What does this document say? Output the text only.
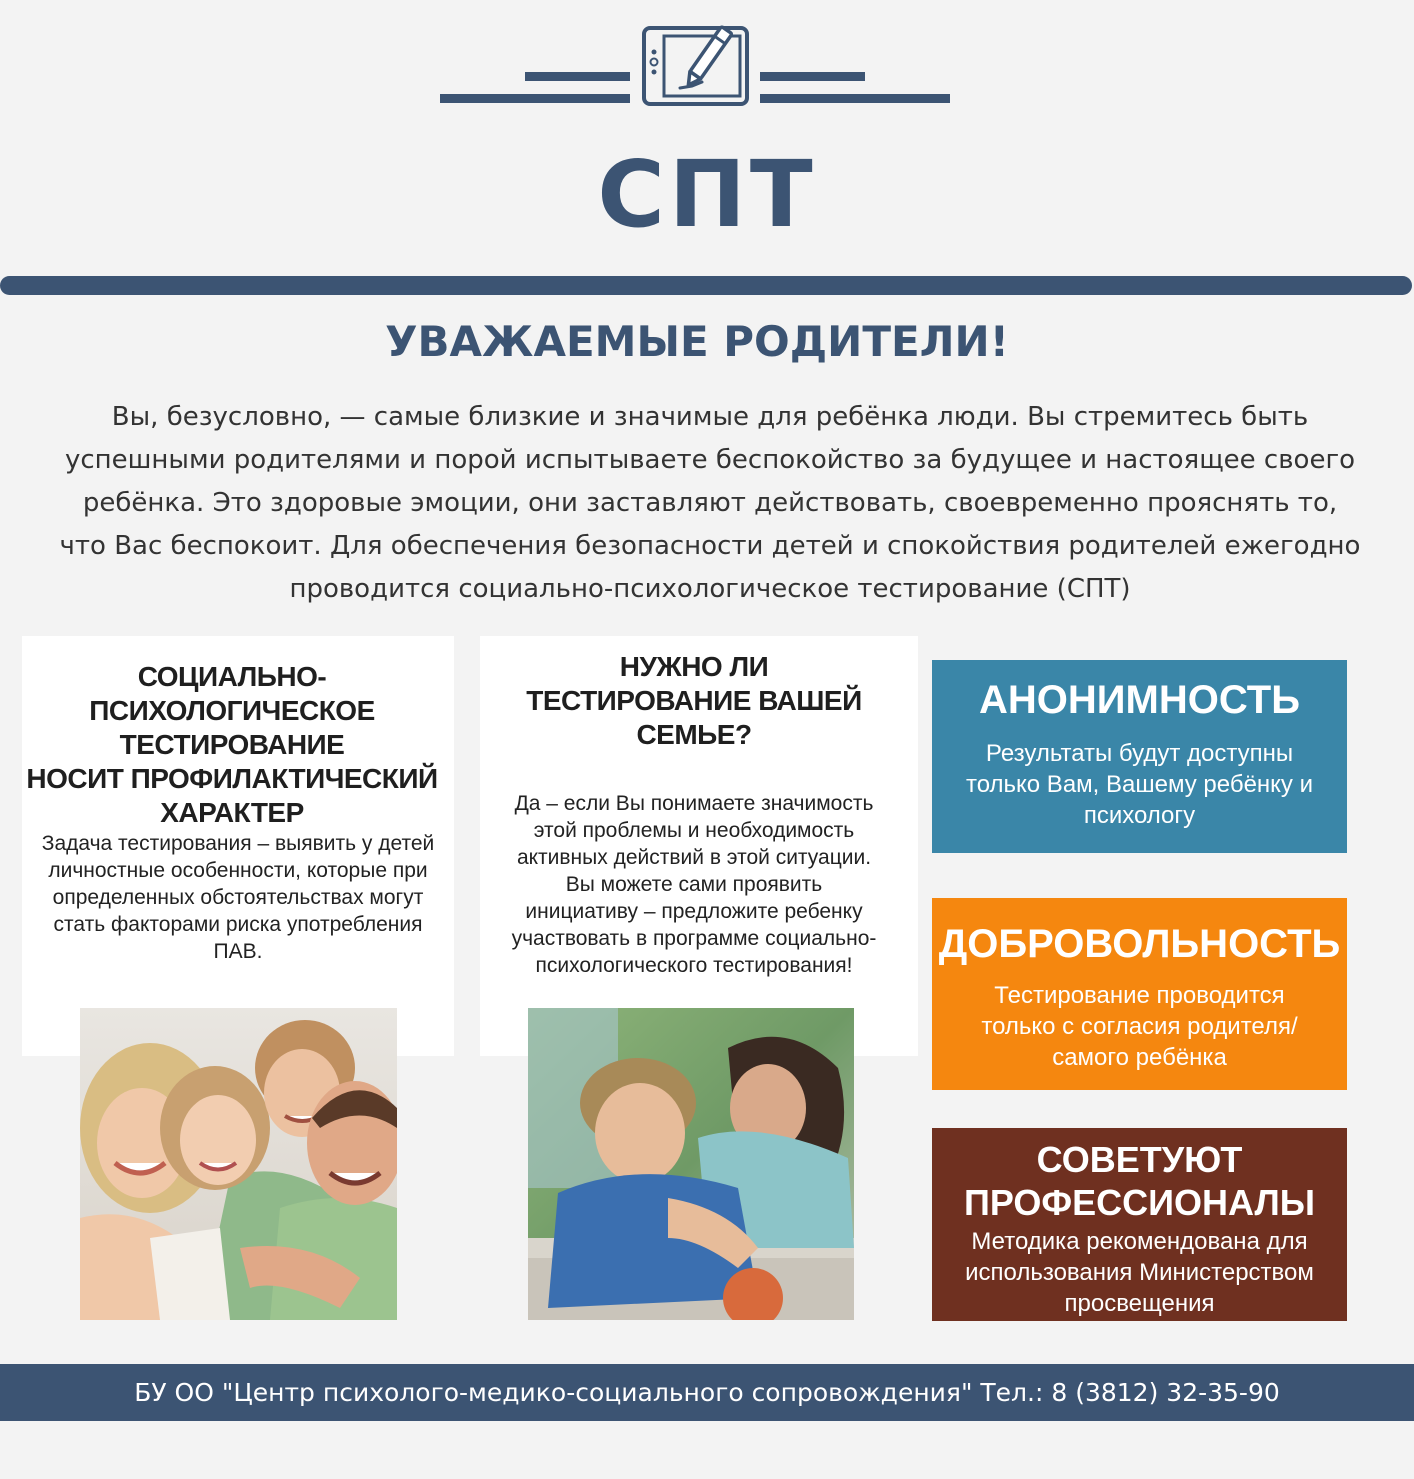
СПТ
УВАЖАЕМЫЕ РОДИТЕЛИ!
Вы, безусловно, — самые близкие и значимые для ребёнка люди. Вы стремитесь быть
успешными родителями и порой испытываете беспокойство за будущее и настоящее своего
ребёнка. Это здоровые эмоции, они заставляют действовать, своевременно прояснять то,
что Вас беспокоит. Для обеспечения безопасности детей и спокойствия родителей ежегодно
проводится социально-психологическое тестирование (СПТ)
СОЦИАЛЬНО-
ПСИХОЛОГИЧЕСКОЕ
ТЕСТИРОВАНИЕ
НОСИТ ПРОФИЛАКТИЧЕСКИЙ
ХАРАКТЕР
Задача тестирования – выявить у детей
личностные особенности, которые при
определенных обстоятельствах могут
стать факторами риска употребления
ПАВ.
НУЖНО ЛИ
ТЕСТИРОВАНИЕ ВАШЕЙ
СЕМЬЕ?
Да – если Вы понимаете значимость
этой проблемы и необходимость
активных действий в этой ситуации.
Вы можете сами проявить
инициативу – предложите ребенку
участвовать в программе социально-
психологического тестирования!
АНОНИМНОСТЬ
Результаты будут доступны
только Вам, Вашему ребёнку и
психологу
ДОБРОВОЛЬНОСТЬ
Тестирование проводится
только с согласия родителя/
самого ребёнка
СОВЕТУЮТ
ПРОФЕССИОНАЛЫ
Методика рекомендована для
использования Министерством
просвещения
БУ ОО "Центр психолого-медико-социального сопровождения" Тел.: 8 (3812) 32-35-90
